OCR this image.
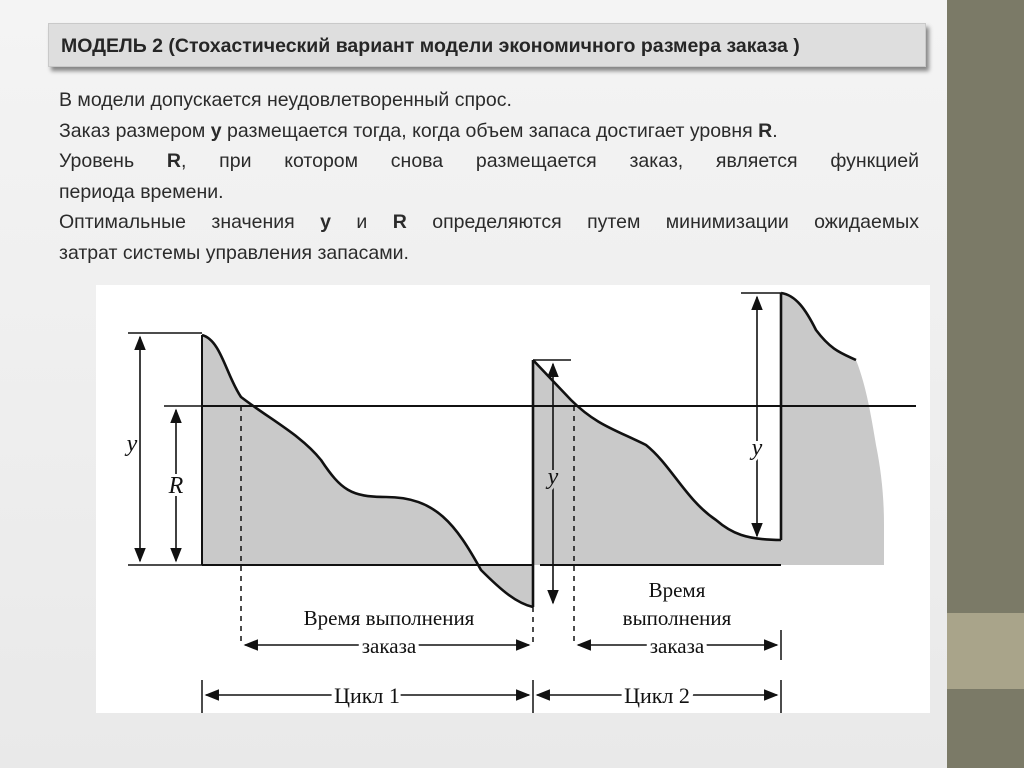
МОДЕЛЬ 2 (Стохастический вариант модели экономичного размера заказа )

В модели допускается неудовлетворенный спрос.

Заказ размером y размещается тогда, когда объем запаса достигает уровня R.

Уровень R, при котором снова размещается заказ, является функцией

периода времени.

Оптимальные значения y и R определяются путем минимизации ожидаемых

затрат системы управления запасами.

y
R	y
y
Время выполнения
заказа
Время
выполнения
заказа
Цикл 1	Цикл 2
